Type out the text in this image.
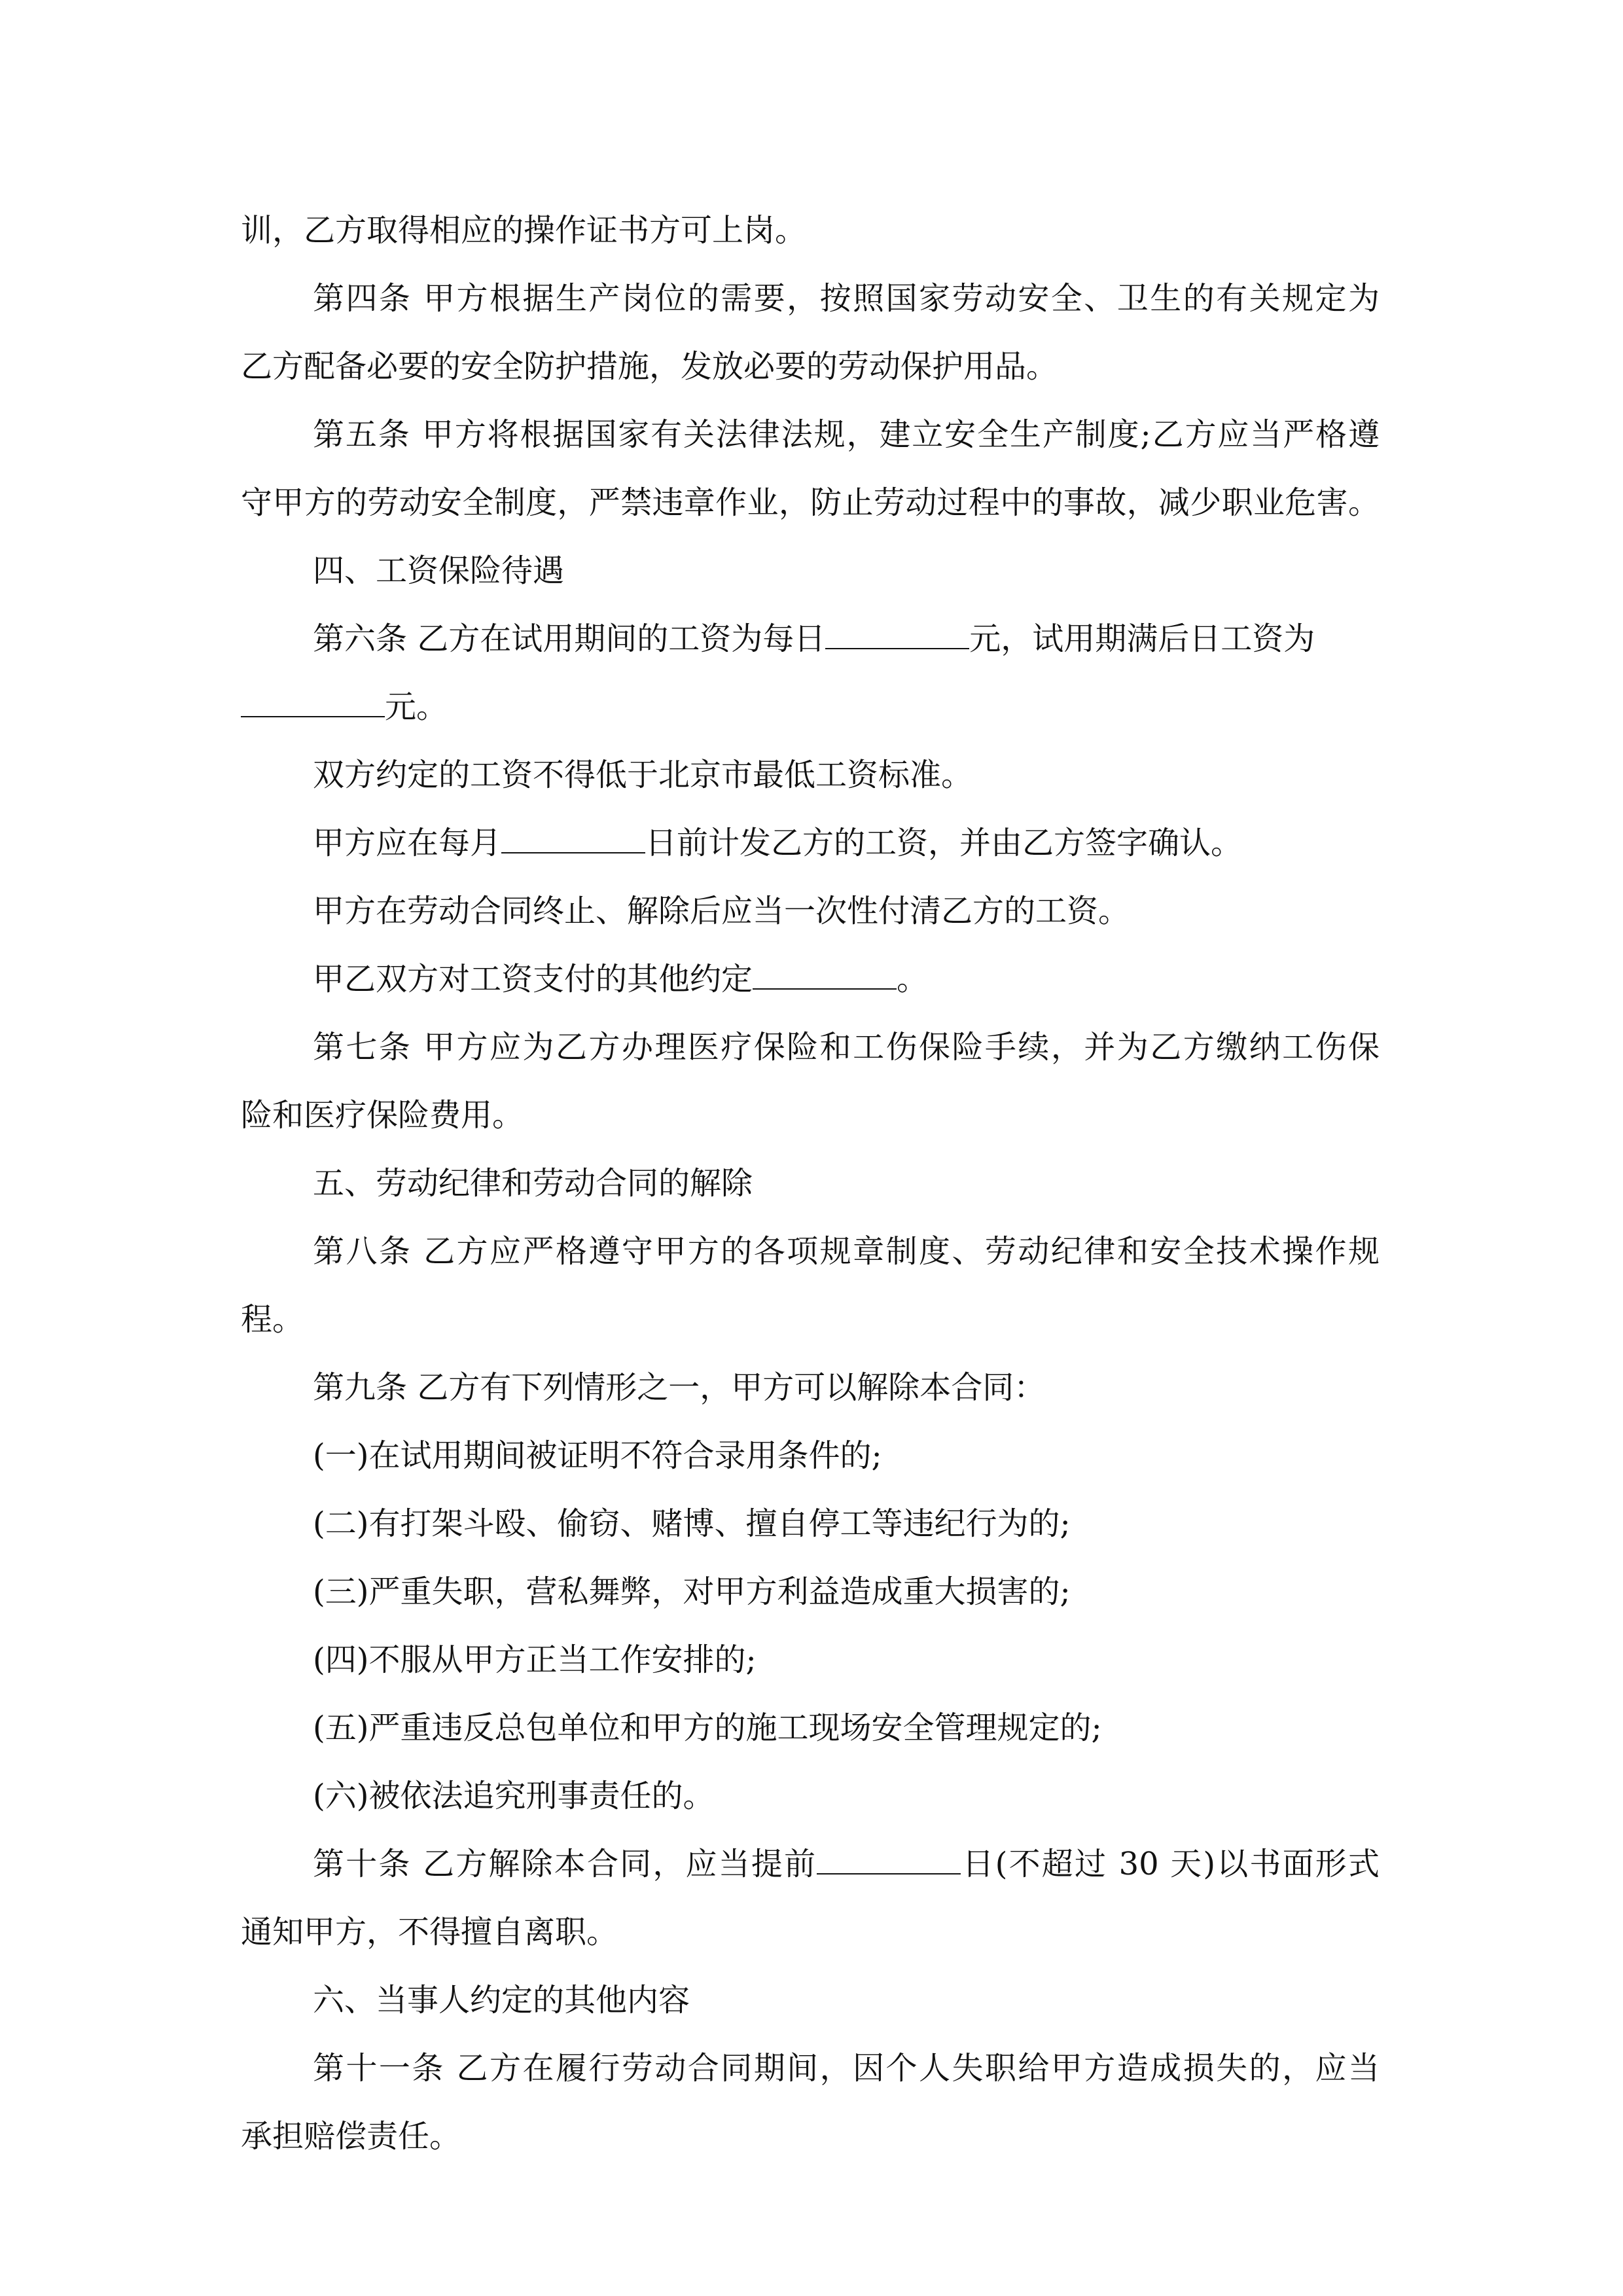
训，乙方取得相应的操作证书方可上岗。

第四条 甲方根据生产岗位的需要，按照国家劳动安全、卫生的有关规定为

乙方配备必要的安全防护措施，发放必要的劳动保护用品。

第五条 甲方将根据国家有关法律法规，建立安全生产制度;乙方应当严格遵

守甲方的劳动安全制度，严禁违章作业，防止劳动过程中的事故，减少职业危害。

四、工资保险待遇

第六条 乙方在试用期间的工资为每日	元，试用期满后日工资为

元。

双方约定的工资不得低于北京市最低工资标准。

甲方应在每月	日前计发乙方的工资，并由乙方签字确认。

甲方在劳动合同终止、解除后应当一次性付清乙方的工资。

甲乙双方对工资支付的其他约定	。

第七条 甲方应为乙方办理医疗保险和工伤保险手续，并为乙方缴纳工伤保

险和医疗保险费用。

五、劳动纪律和劳动合同的解除

第八条 乙方应严格遵守甲方的各项规章制度、劳动纪律和安全技术操作规

程。

第九条 乙方有下列情形之一，甲方可以解除本合同：

(一)在试用期间被证明不符合录用条件的;

(二)有打架斗殴、偷窃、赌博、擅自停工等违纪行为的;

(三)严重失职，营私舞弊，对甲方利益造成重大损害的;

(四)不服从甲方正当工作安排的;

(五)严重违反总包单位和甲方的施工现场安全管理规定的;

(六)被依法追究刑事责任的。

第十条 乙方解除本合同，应当提前	日(不超过 30 天)以书面形式

通知甲方，不得擅自离职。

六、当事人约定的其他内容

第十一条 乙方在履行劳动合同期间，因个人失职给甲方造成损失的，应当

承担赔偿责任。
